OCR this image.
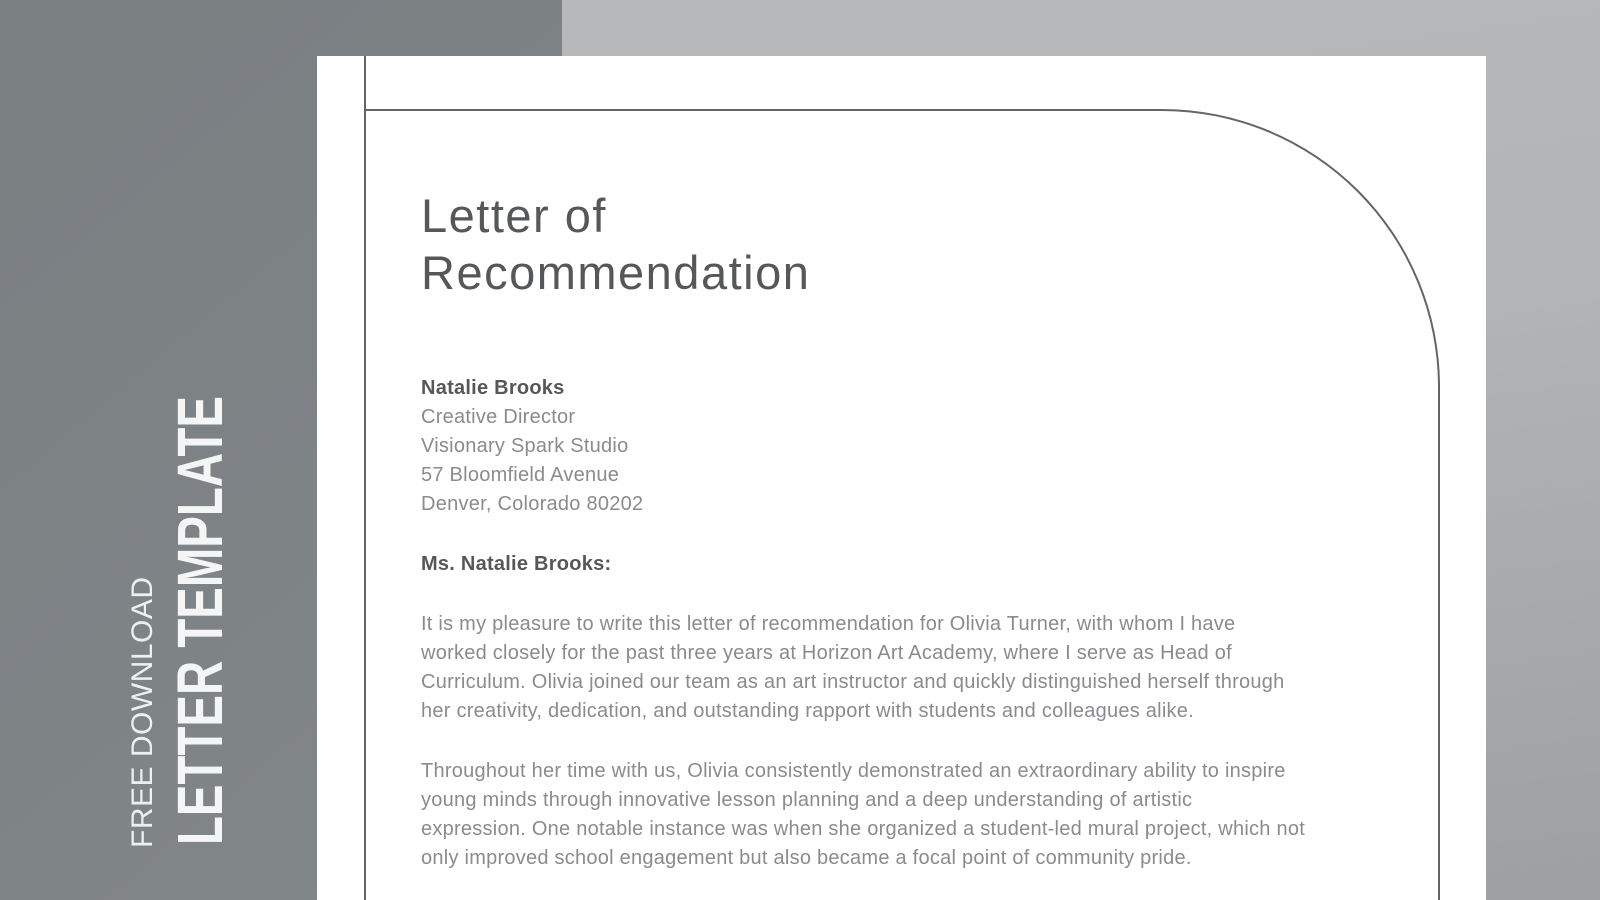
FREE DOWNLOAD LETTER TEMPLATE
Letter of
Recommendation
Natalie Brooks
Creative Director
Visionary Spark Studio
57 Bloomfield Avenue
Denver, Colorado 80202
Ms. Natalie Brooks:
It is my pleasure to write this letter of recommendation for Olivia Turner, with whom I have
worked closely for the past three years at Horizon Art Academy, where I serve as Head of
Curriculum. Olivia joined our team as an art instructor and quickly distinguished herself through
her creativity, dedication, and outstanding rapport with students and colleagues alike.
Throughout her time with us, Olivia consistently demonstrated an extraordinary ability to inspire
young minds through innovative lesson planning and a deep understanding of artistic
expression. One notable instance was when she organized a student-led mural project, which not
only improved school engagement but also became a focal point of community pride.
